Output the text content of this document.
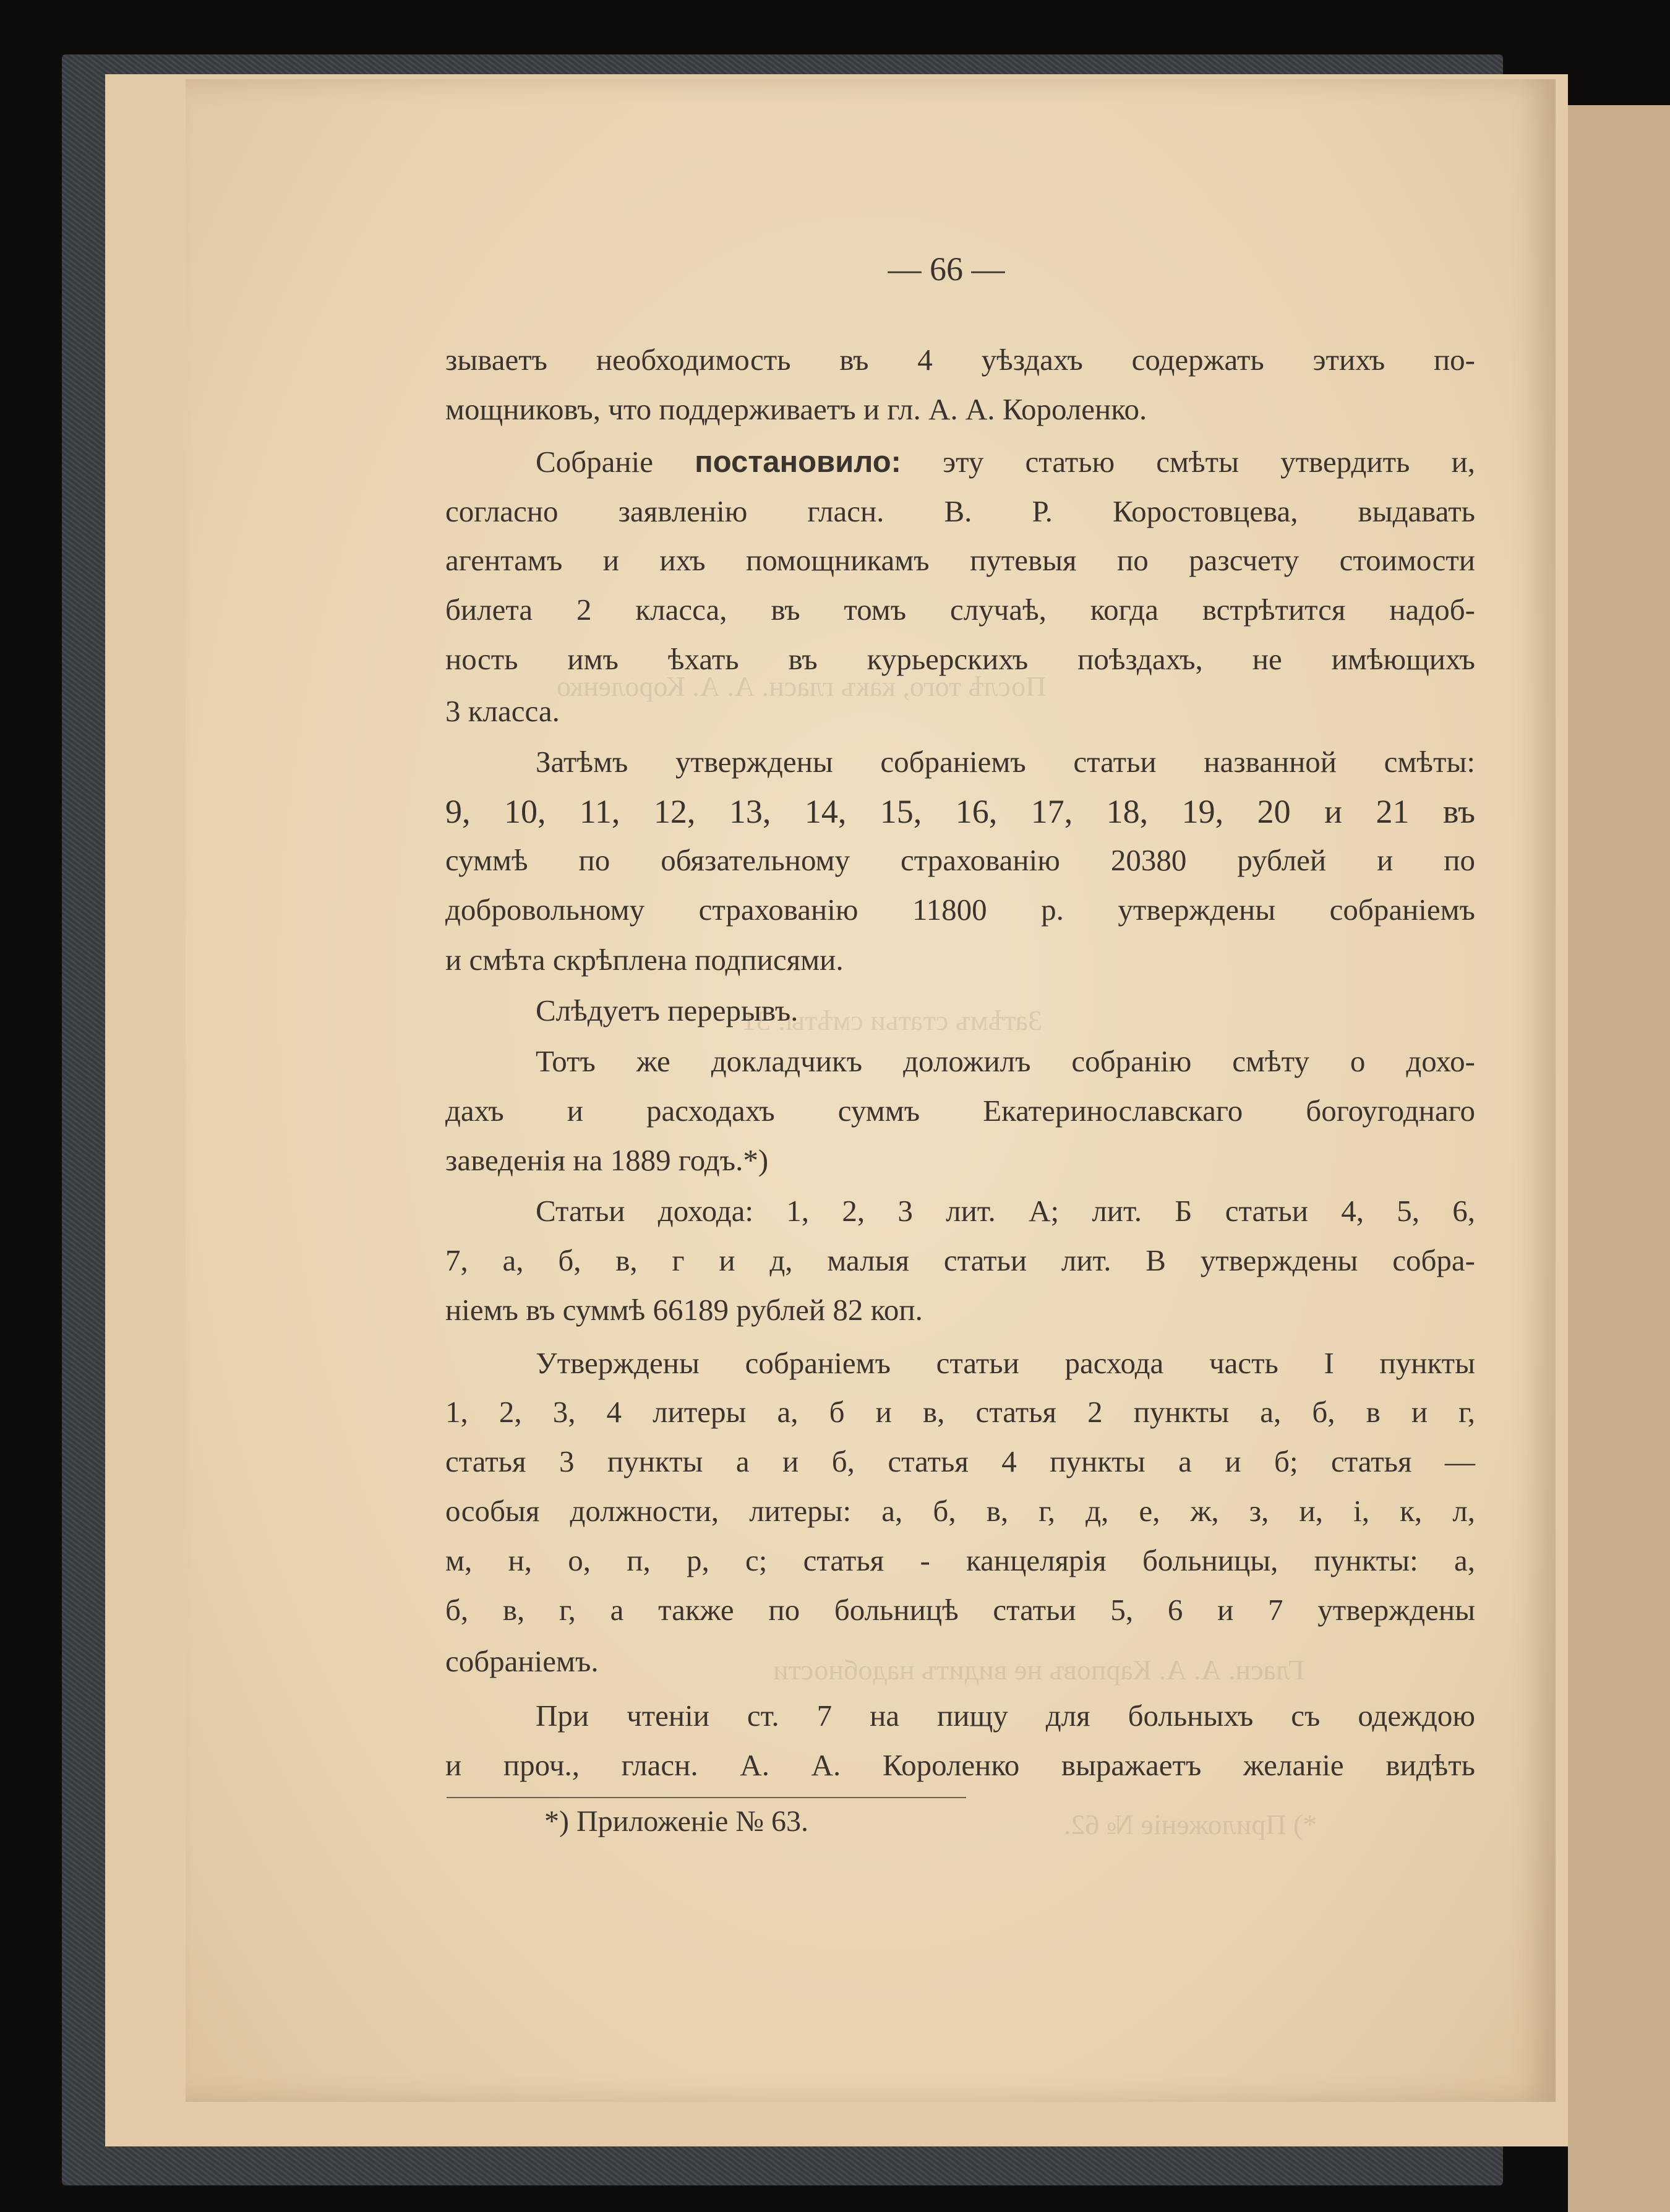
Послѣ того, какъ гласн. А. А. Короленко
Затѣмъ статьи смѣты: 31
Гласн. А. А. Карповъ не видитъ надобности
*) Приложеніе № 62.
— 66 —

зываетъ необходимость въ 4 уѣздахъ содержать этихъ по-

мощниковъ, что поддерживаетъ и гл. А. А. Короленко.

Собраніе постановило: эту статью смѣты утвердить и,

согласно заявленію гласн. В. Р. Коростовцева, выдавать

агентамъ и ихъ помощникамъ путевыя по разсчету стоимости

билета 2 класса, въ томъ случаѣ, когда встрѣтится надоб-

ность имъ ѣхать въ курьерскихъ поѣздахъ, не имѣющихъ

3 класса.

Затѣмъ утверждены собраніемъ статьи названной смѣты:

9, 10, 11, 12, 13, 14, 15, 16, 17, 18, 19, 20 и 21 въ

суммѣ по обязательному страхованію 20380 рублей и по

добровольному страхованію 11800 р. утверждены собраніемъ

и смѣта скрѣплена подписями.

Слѣдуетъ перерывъ.

Тотъ же докладчикъ доложилъ собранію смѣту о дохо-

дахъ и расходахъ суммъ Екатеринославскаго богоугоднаго

заведенія на 1889 годъ.*)

Статьи дохода: 1, 2, 3 лит. А; лит. Б статьи 4, 5, 6,

7, а, б, в, г и д, малыя статьи лит. В утверждены собра-

ніемъ въ суммѣ 66189 рублей 82 коп.

Утверждены собраніемъ статьи расхода часть I пункты

1, 2, 3, 4 литеры а, б и в, статья 2 пункты а, б, в и г,

статья 3 пункты а и б, статья 4 пункты а и б; статья —

особыя должности, литеры: а, б, в, г, д, е, ж, з, и, і, к, л,

м, н, о, п, р, с; статья - канцелярія больницы, пункты: а,

б, в, г, а также по больницѣ статьи 5, 6 и 7 утверждены

собраніемъ.

При чтеніи ст. 7 на пищу для больныхъ съ одеждою

и проч., гласн. А. А. Короленко выражаетъ желаніе видѣть

*) Приложеніе № 63.
